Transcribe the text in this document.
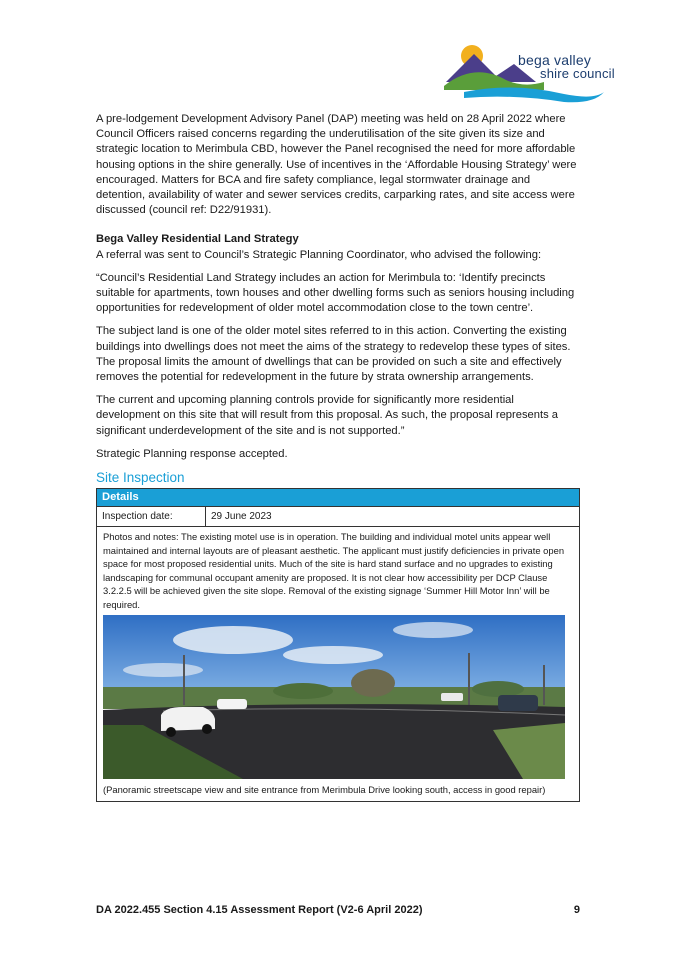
bega valley
shire council

A pre-lodgement Development Advisory Panel (DAP) meeting was held on 28 April 2022 where Council Officers raised concerns regarding the underutilisation of the site given its size and strategic location to Merimbula CBD, however the Panel recognised the need for more affordable housing options in the shire generally. Use of incentives in the ‘Affordable Housing Strategy’ were encouraged. Matters for BCA and fire safety compliance, legal stormwater drainage and detention, availability of water and sewer services credits, carparking rates, and site access were discussed (council ref: D22/91931).

Bega Valley Residential Land Strategy

A referral was sent to Council’s Strategic Planning Coordinator, who advised the following:

“Council’s Residential Land Strategy includes an action for Merimbula to: ‘Identify precincts suitable for apartments, town houses and other dwelling forms such as seniors housing including opportunities for redevelopment of older motel accommodation close to the town centre’.

The subject land is one of the older motel sites referred to in this action. Converting the existing buildings into dwellings does not meet the aims of the strategy to redevelop these types of sites. The proposal limits the amount of dwellings that can be provided on such a site and effectively removes the potential for redevelopment in the future by strata ownership arrangements.

The current and upcoming planning controls provide for significantly more residential development on this site that will result from this proposal. As such, the proposal represents a significant underdevelopment of the site and is not supported.”

Strategic Planning response accepted.

Site Inspection
Details
Inspection date:	29 June 2023
Photos and notes: The existing motel use is in operation. The building and individual motel units appear well maintained and internal layouts are of pleasant aesthetic. The applicant must justify deficiencies in private open space for most proposed residential units. Much of the site is hard stand surface and no upgrades to existing landscaping for communal occupant amenity are proposed. It is not clear how accessibility per DCP Clause 3.2.2.5 will be achieved given the site slope. Removal of the existing signage ‘Summer Hill Motor Inn’ will be required.
(Panoramic streetscape view and site entrance from Merimbula Drive looking south, access in good repair)
DA 2022.455 Section 4.15 Assessment Report (V2-6 April 2022)	9
